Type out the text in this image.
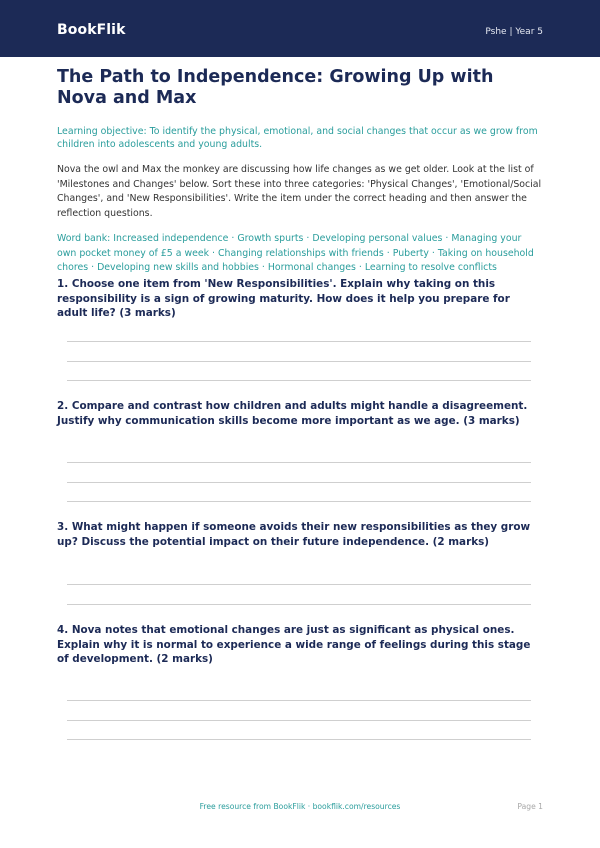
BookFlik	Pshe | Year 5
The Path to Independence: Growing Up with Nova and Max

Learning objective: To identify the physical, emotional, and social changes that occur as we grow from children into adolescents and young adults.

Nova the owl and Max the monkey are discussing how life changes as we get older. Look at the list of 'Milestones and Changes' below. Sort these into three categories: 'Physical Changes', 'Emotional/Social Changes', and 'New Responsibilities'. Write the item under the correct heading and then answer the reflection questions.

Word bank: Increased independence · Growth spurts · Developing personal values · Managing your own pocket money of £5 a week · Changing relationships with friends · Puberty · Taking on household chores · Developing new skills and hobbies · Hormonal changes · Learning to resolve conflicts

1. Choose one item from 'New Responsibilities'. Explain why taking on this responsibility is a sign of growing maturity. How does it help you prepare for adult life? (3 marks)
2. Compare and contrast how children and adults might handle a disagreement. Justify why communication skills become more important as we age. (3 marks)
3. What might happen if someone avoids their new responsibilities as they grow up? Discuss the potential impact on their future independence. (2 marks)
4. Nova notes that emotional changes are just as significant as physical ones. Explain why it is normal to experience a wide range of feelings during this stage of development. (2 marks)
Free resource from BookFlik · bookflik.com/resources	Page 1
